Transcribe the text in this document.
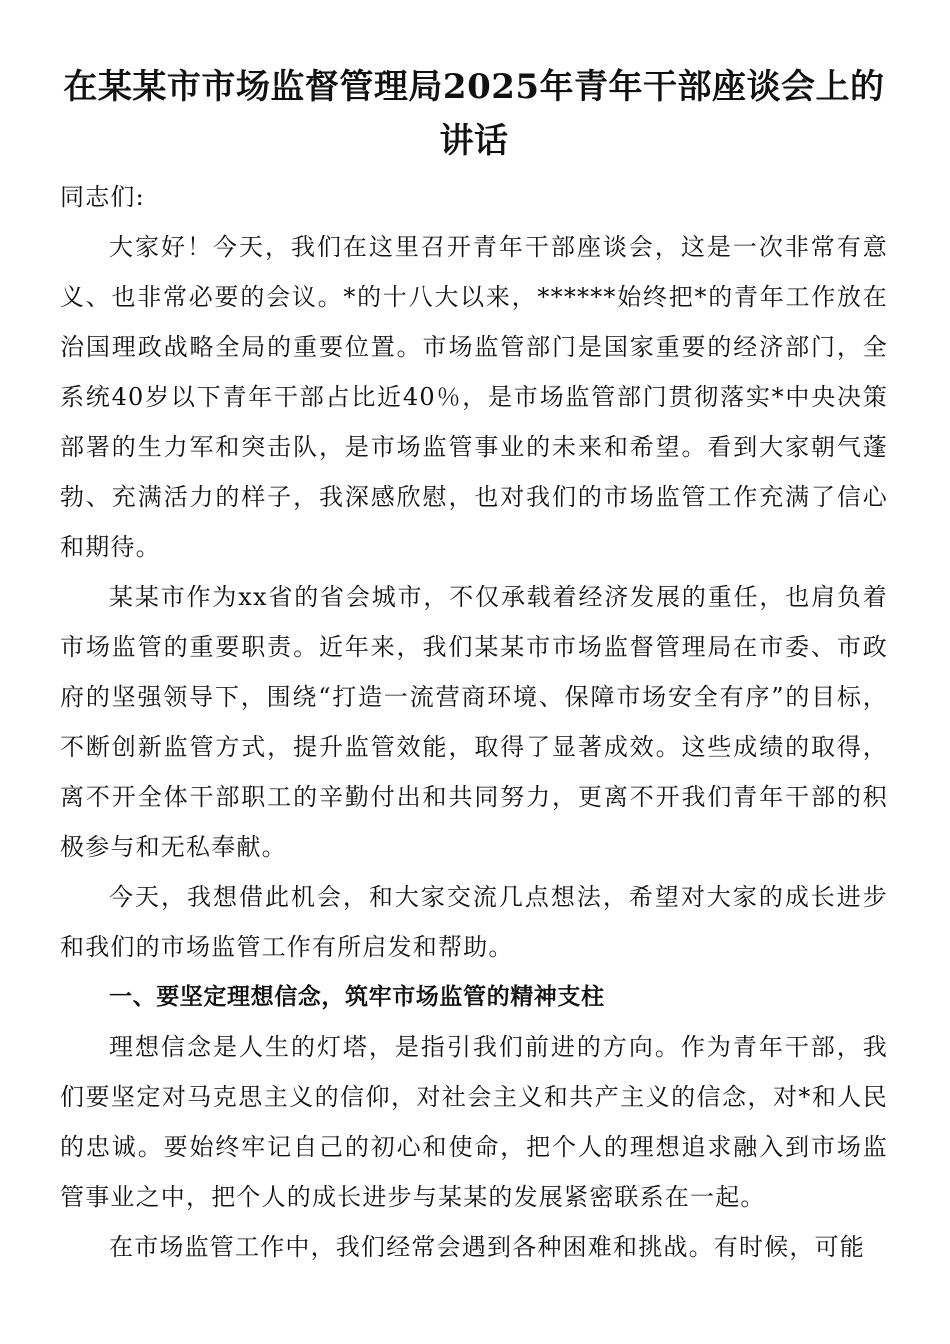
在某某市市场监督管理局2025年青年干部座谈会上的讲话

同志们:

大家好！今天，我们在这里召开青年干部座谈会，这是一次非常有意义、也非常必要的会议。*的十八大以来，******始终把*的青年工作放在治国理政战略全局的重要位置。市场监管部门是国家重要的经济部门，全系统40岁以下青年干部占比近40％，是市场监管部门贯彻落实*中央决策部署的生力军和突击队，是市场监管事业的未来和希望。看到大家朝气蓬勃、充满活力的样子，我深感欣慰，也对我们的市场监管工作充满了信心和期待。

某某市作为xx省的省会城市，不仅承载着经济发展的重任，也肩负着市场监管的重要职责。近年来，我们某某市市场监督管理局在市委、市政府的坚强领导下，围绕“打造一流营商环境、保障市场安全有序”的目标，不断创新监管方式，提升监管效能，取得了显著成效。这些成绩的取得，离不开全体干部职工的辛勤付出和共同努力，更离不开我们青年干部的积极参与和无私奉献。

今天，我想借此机会，和大家交流几点想法，希望对大家的成长进步和我们的市场监管工作有所启发和帮助。

一、要坚定理想信念，筑牢市场监管的精神支柱

理想信念是人生的灯塔，是指引我们前进的方向。作为青年干部，我们要坚定对马克思主义的信仰，对社会主义和共产主义的信念，对*和人民的忠诚。要始终牢记自己的初心和使命，把个人的理想追求融入到市场监管事业之中，把个人的成长进步与某某的发展紧密联系在一起。

在市场监管工作中，我们经常会遇到各种困难和挑战。有时候，可能
